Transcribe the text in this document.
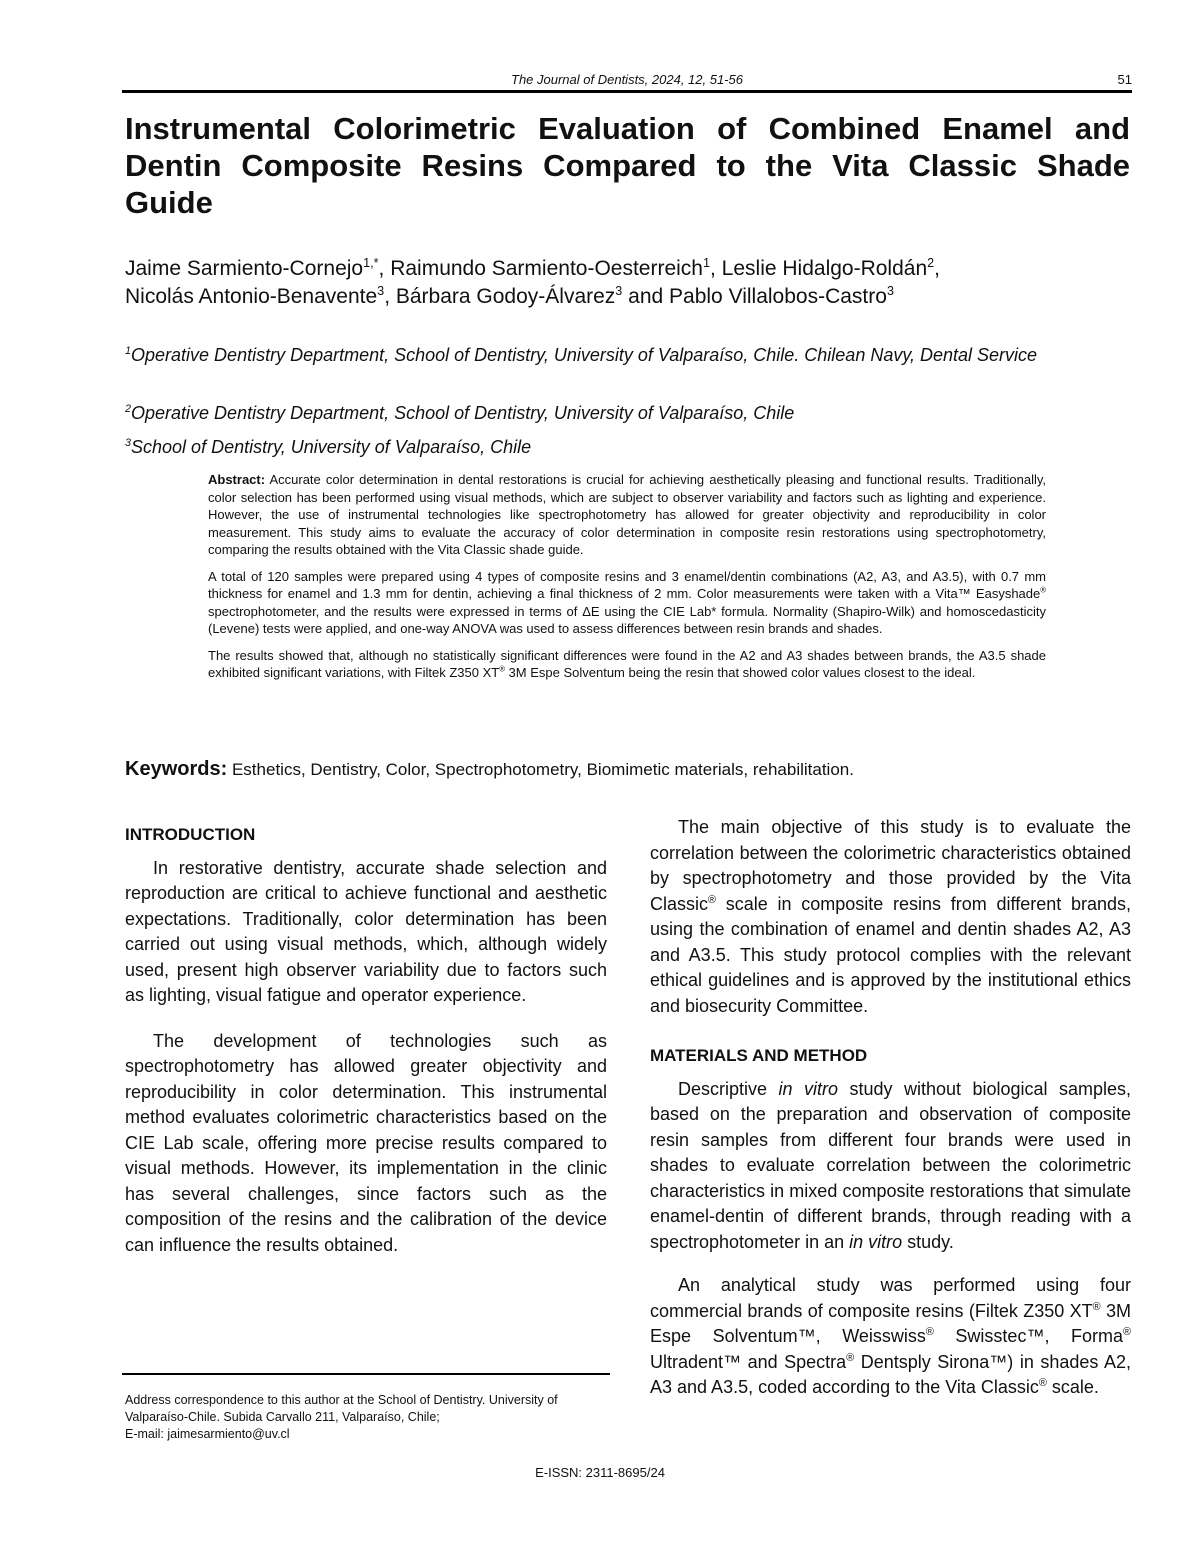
The Journal of Dentists, 2024, 12, 51-56	51
Instrumental Colorimetric Evaluation of Combined Enamel and Dentin Composite Resins Compared to the Vita Classic Shade Guide
Jaime Sarmiento-Cornejo$^{1,*}$, Raimundo Sarmiento-Oesterreich$^1$, Leslie Hidalgo-Roldán$^2$,
Nicolás Antonio-Benavente$^3$, Bárbara Godoy-Álvarez$^3$ and Pablo Villalobos-Castro$^3$
$^1$Operative Dentistry Department, School of Dentistry, University of Valparaíso, Chile. Chilean Navy, Dental Service
$^2$Operative Dentistry Department, School of Dentistry, University of Valparaíso, Chile
$^3$School of Dentistry, University of Valparaíso, Chile

Abstract: Accurate color determination in dental restorations is crucial for achieving aesthetically pleasing and functional results. Traditionally, color selection has been performed using visual methods, which are subject to observer variability and factors such as lighting and experience. However, the use of instrumental technologies like spectrophotometry has allowed for greater objectivity and reproducibility in color measurement. This study aims to evaluate the accuracy of color determination in composite resin restorations using spectrophotometry, comparing the results obtained with the Vita Classic shade guide.

A total of 120 samples were prepared using 4 types of composite resins and 3 enamel/dentin combinations (A2, A3, and A3.5), with 0.7 mm thickness for enamel and 1.3 mm for dentin, achieving a final thickness of 2 mm. Color measurements were taken with a Vita™ Easyshade® spectrophotometer, and the results were expressed in terms of ΔE using the CIE Lab* formula. Normality (Shapiro-Wilk) and homoscedasticity (Levene) tests were applied, and one-way ANOVA was used to assess differences between resin brands and shades.

The results showed that, although no statistically significant differences were found in the A2 and A3 shades between brands, the A3.5 shade exhibited significant variations, with Filtek Z350 XT® 3M Espe Solventum being the resin that showed color values closest to the ideal.

Keywords: Esthetics, Dentistry, Color, Spectrophotometry, Biomimetic materials, rehabilitation.
INTRODUCTION

In restorative dentistry, accurate shade selection and reproduction are critical to achieve functional and aesthetic expectations. Traditionally, color determination has been carried out using visual methods, which, although widely used, present high observer variability due to factors such as lighting, visual fatigue and operator experience.

The development of technologies such as spectrophotometry has allowed greater objectivity and reproducibility in color determination. This instrumental method evaluates colorimetric characteristics based on the CIE Lab scale, offering more precise results compared to visual methods. However, its implementation in the clinic has several challenges, since factors such as the composition of the resins and the calibration of the device can influence the results obtained.

The main objective of this study is to evaluate the correlation between the colorimetric characteristics obtained by spectrophotometry and those provided by the Vita Classic® scale in composite resins from different brands, using the combination of enamel and dentin shades A2, A3 and A3.5. This study protocol complies with the relevant ethical guidelines and is approved by the institutional ethics and biosecurity Committee.

MATERIALS AND METHOD

Descriptive in vitro study without biological samples, based on the preparation and observation of composite resin samples from different four brands were used in shades to evaluate correlation between the colorimetric characteristics in mixed composite restorations that simulate enamel-dentin of different brands, through reading with a spectrophotometer in an in vitro study.

An analytical study was performed using four commercial brands of composite resins (Filtek Z350 XT® 3M Espe Solventum™, Weisswiss® Swisstec™, Forma® Ultradent™ and Spectra® Dentsply Sirona™) in shades A2, A3 and A3.5, coded according to the Vita Classic® scale.

Address correspondence to this author at the School of Dentistry. University of Valparaíso-Chile. Subida Carvallo 211, Valparaíso, Chile;
E-mail: jaimesarmiento@uv.cl
E-ISSN: 2311-8695/24
